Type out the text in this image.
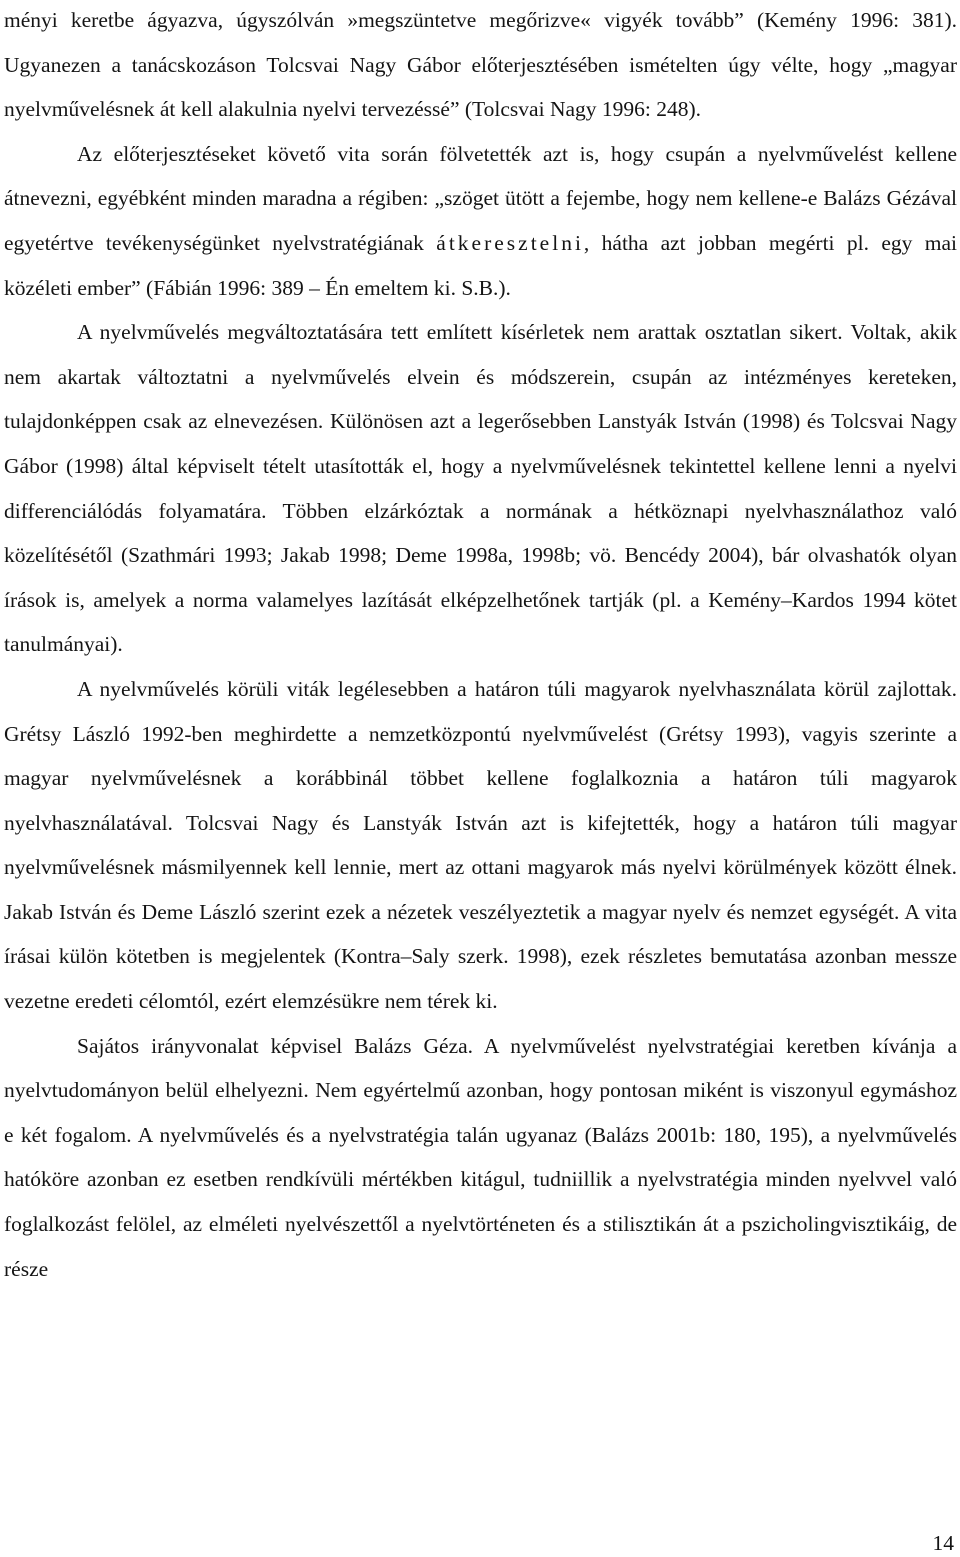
ményi keretbe ágyazva, úgyszólván »megszüntetve megőrizve« vigyék tovább” (Kemény 1996: 381). Ugyanezen a tanácskozáson Tolcsvai Nagy Gábor előterjesztésében ismételten úgy vélte, hogy „magyar nyelvművelésnek át kell alakulnia nyelvi tervezéssé” (Tolcsvai Nagy 1996: 248).

Az előterjesztéseket követő vita során fölvetették azt is, hogy csupán a nyelvművelést kellene átnevezni, egyébként minden maradna a régiben: „szöget ütött a fejembe, hogy nem kellene-e Balázs Gézával egyetértve tevékenységünket nyelvstratégiának átkeresztelni, hátha azt jobban megérti pl. egy mai közéleti ember” (Fábián 1996: 389 – Én emeltem ki. S.B.).

A nyelvművelés megváltoztatására tett említett kísérletek nem arattak osztatlan sikert. Voltak, akik nem akartak változtatni a nyelvművelés elvein és módszerein, csupán az intézményes kereteken, tulajdonképpen csak az elnevezésen. Különösen azt a legerősebben Lanstyák István (1998) és Tolcsvai Nagy Gábor (1998) által képviselt tételt utasították el, hogy a nyelvművelésnek tekintettel kellene lenni a nyelvi differenciálódás folyamatára. Többen elzárkóztak a normának a hétköznapi nyelvhasználathoz való közelítésétől (Szathmári 1993; Jakab 1998; Deme 1998a, 1998b; vö. Bencédy 2004), bár olvashatók olyan írások is, amelyek a norma valamelyes lazítását elképzelhetőnek tartják (pl. a Kemény–Kardos 1994 kötet tanulmányai).

A nyelvművelés körüli viták legélesebben a határon túli magyarok nyelvhasználata körül zajlottak. Grétsy László 1992-ben meghirdette a nemzetközpontú nyelvművelést (Grétsy 1993), vagyis szerinte a magyar nyelvművelésnek a korábbinál többet kellene foglalkoznia a határon túli magyarok nyelvhasználatával. Tolcsvai Nagy és Lanstyák István azt is kifejtették, hogy a határon túli magyar nyelvművelésnek másmilyennek kell lennie, mert az ottani magyarok más nyelvi körülmények között élnek. Jakab István és Deme László szerint ezek a nézetek veszélyeztetik a magyar nyelv és nemzet egységét. A vita írásai külön kötetben is megjelentek (Kontra–Saly szerk. 1998), ezek részletes bemutatása azonban messze vezetne eredeti célomtól, ezért elemzésükre nem térek ki.

Sajátos irányvonalat képvisel Balázs Géza. A nyelvművelést nyelvstratégiai keretben kívánja a nyelvtudományon belül elhelyezni. Nem egyértelmű azonban, hogy pontosan miként is viszonyul egymáshoz e két fogalom. A nyelvművelés és a nyelvstratégia talán ugyanaz (Balázs 2001b: 180, 195), a nyelvművelés hatóköre azonban ez esetben rendkívüli mértékben kitágul, tudniillik a nyelvstratégia minden nyelvvel való foglalkozást felölel, az elméleti nyelvészettől a nyelvtörténeten és a stilisztikán át a pszicholingvisztikáig, de része

14
